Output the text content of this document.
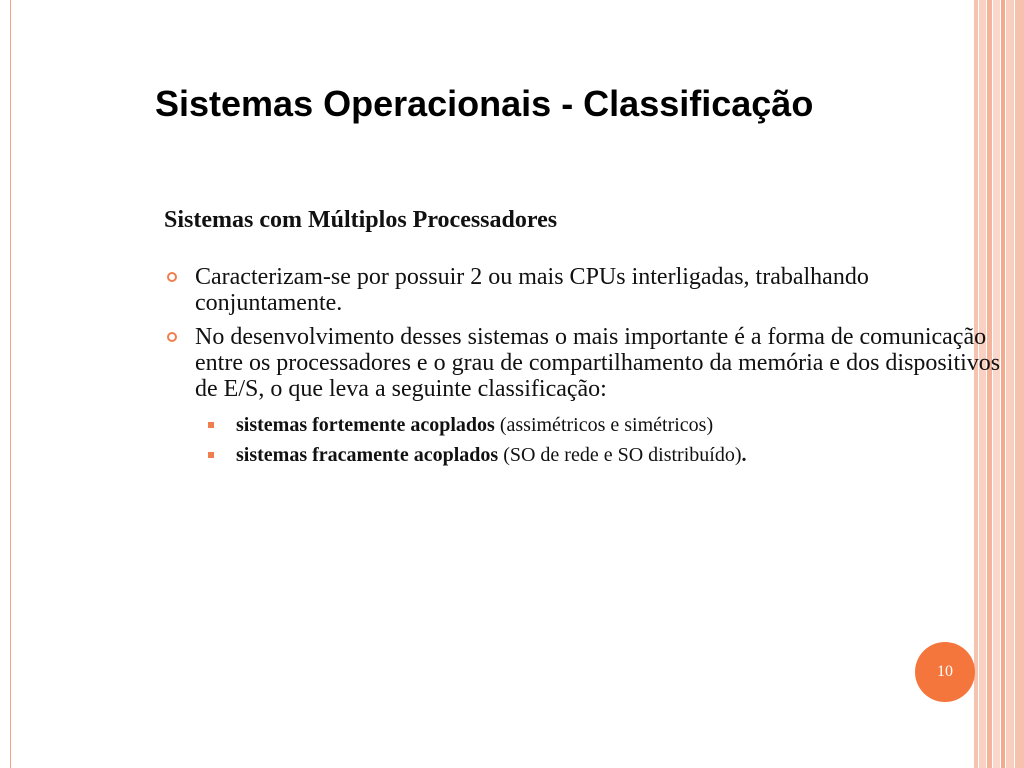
Sistemas Operacionais - Classificação
Sistemas com Múltiplos Processadores
Caracterizam-se por possuir 2 ou mais CPUs interligadas, trabalhando conjuntamente.
No desenvolvimento desses sistemas o mais importante é a forma de comunicação entre os processadores e o grau de compartilhamento da memória e dos dispositivos de E/S, o que leva a seguinte classificação:
sistemas fortemente acoplados (assimétricos e simétricos)
sistemas fracamente acoplados (SO de rede e SO distribuído).
10
